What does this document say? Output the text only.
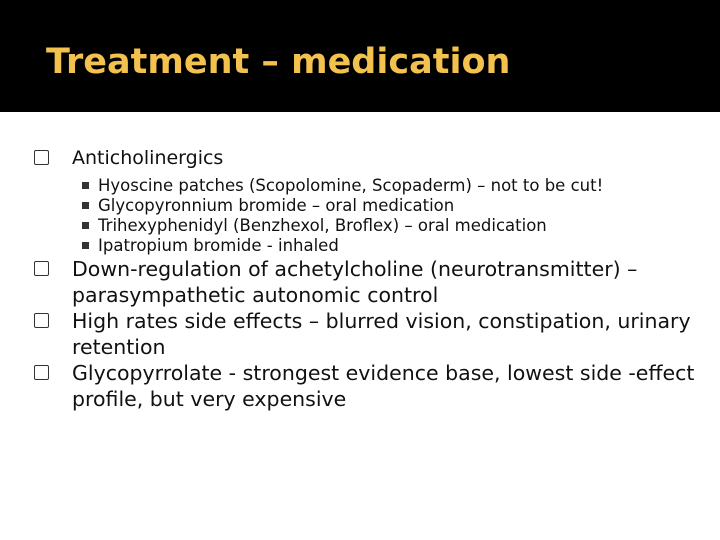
Treatment – medication
Anticholinergics
Hyoscine patches (Scopolomine, Scopaderm) – not to be cut!
Glycopyronnium bromide – oral medication
Trihexyphenidyl (Benzhexol, Broflex) – oral medication
Ipatropium bromide - inhaled
Down-regulation of achetylcholine (neurotransmitter) – parasympathetic autonomic control
High rates side effects – blurred vision, constipation, urinary retention
Glycopyrrolate - strongest evidence base, lowest side -effect profile, but very expensive
